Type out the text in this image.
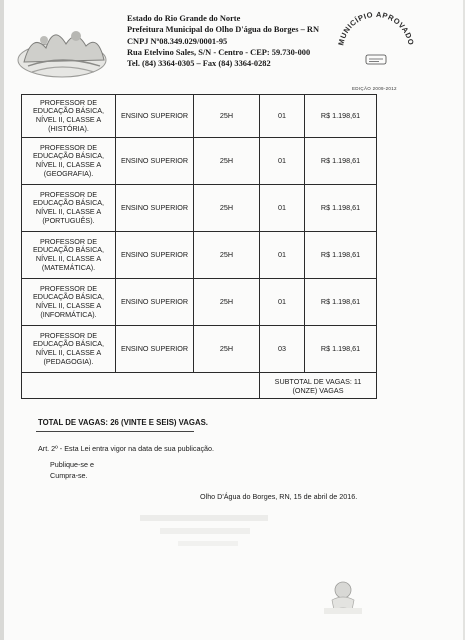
Estado do Rio Grande do Norte
Prefeitura Municipal do Olho D'água do Borges – RN
CNPJ Nº08.349.029/0001-95
Rua Etelvino Sales, S/N - Centro - CEP: 59.730-000
Tel. (84) 3364-0305 – Fax (84) 3364-0282
MUNICÍPIO APROVADO
EDIÇÃO 2009-2012
PROFESSOR DE
EDUCAÇÃO BÁSICA,
NÍVEL II, CLASSE A
(HISTÓRIA).	ENSINO SUPERIOR	25H	01	R$ 1.198,61

PROFESSOR DE
EDUCAÇÃO BÁSICA,
NÍVEL II, CLASSE A
(GEOGRAFIA).	ENSINO SUPERIOR	25H	01	R$ 1.198,61

PROFESSOR DE
EDUCAÇÃO BÁSICA,
NÍVEL II, CLASSE A
(PORTUGUÊS).	ENSINO SUPERIOR	25H	01	R$ 1.198,61

PROFESSOR DE
EDUCAÇÃO BÁSICA,
NÍVEL II, CLASSE A
(MATEMÁTICA).	ENSINO SUPERIOR	25H	01	R$ 1.198,61

PROFESSOR DE
EDUCAÇÃO BÁSICA,
NÍVEL II, CLASSE A
(INFORMÁTICA).	ENSINO SUPERIOR	25H	01	R$ 1.198,61

PROFESSOR DE
EDUCAÇÃO BÁSICA,
NÍVEL II, CLASSE A
(PEDAGOGIA).	ENSINO SUPERIOR	25H	03	R$ 1.198,61

			SUBTOTAL DE VAGAS: 11
(ONZE) VAGAS	
TOTAL DE VAGAS: 26 (VINTE E SEIS) VAGAS.
Art. 2º - Esta Lei entra vigor na data de sua publicação.
Publique-se e
Cumpra-se.
Olho D'Água do Borges, RN, 15 de abril de 2016.
